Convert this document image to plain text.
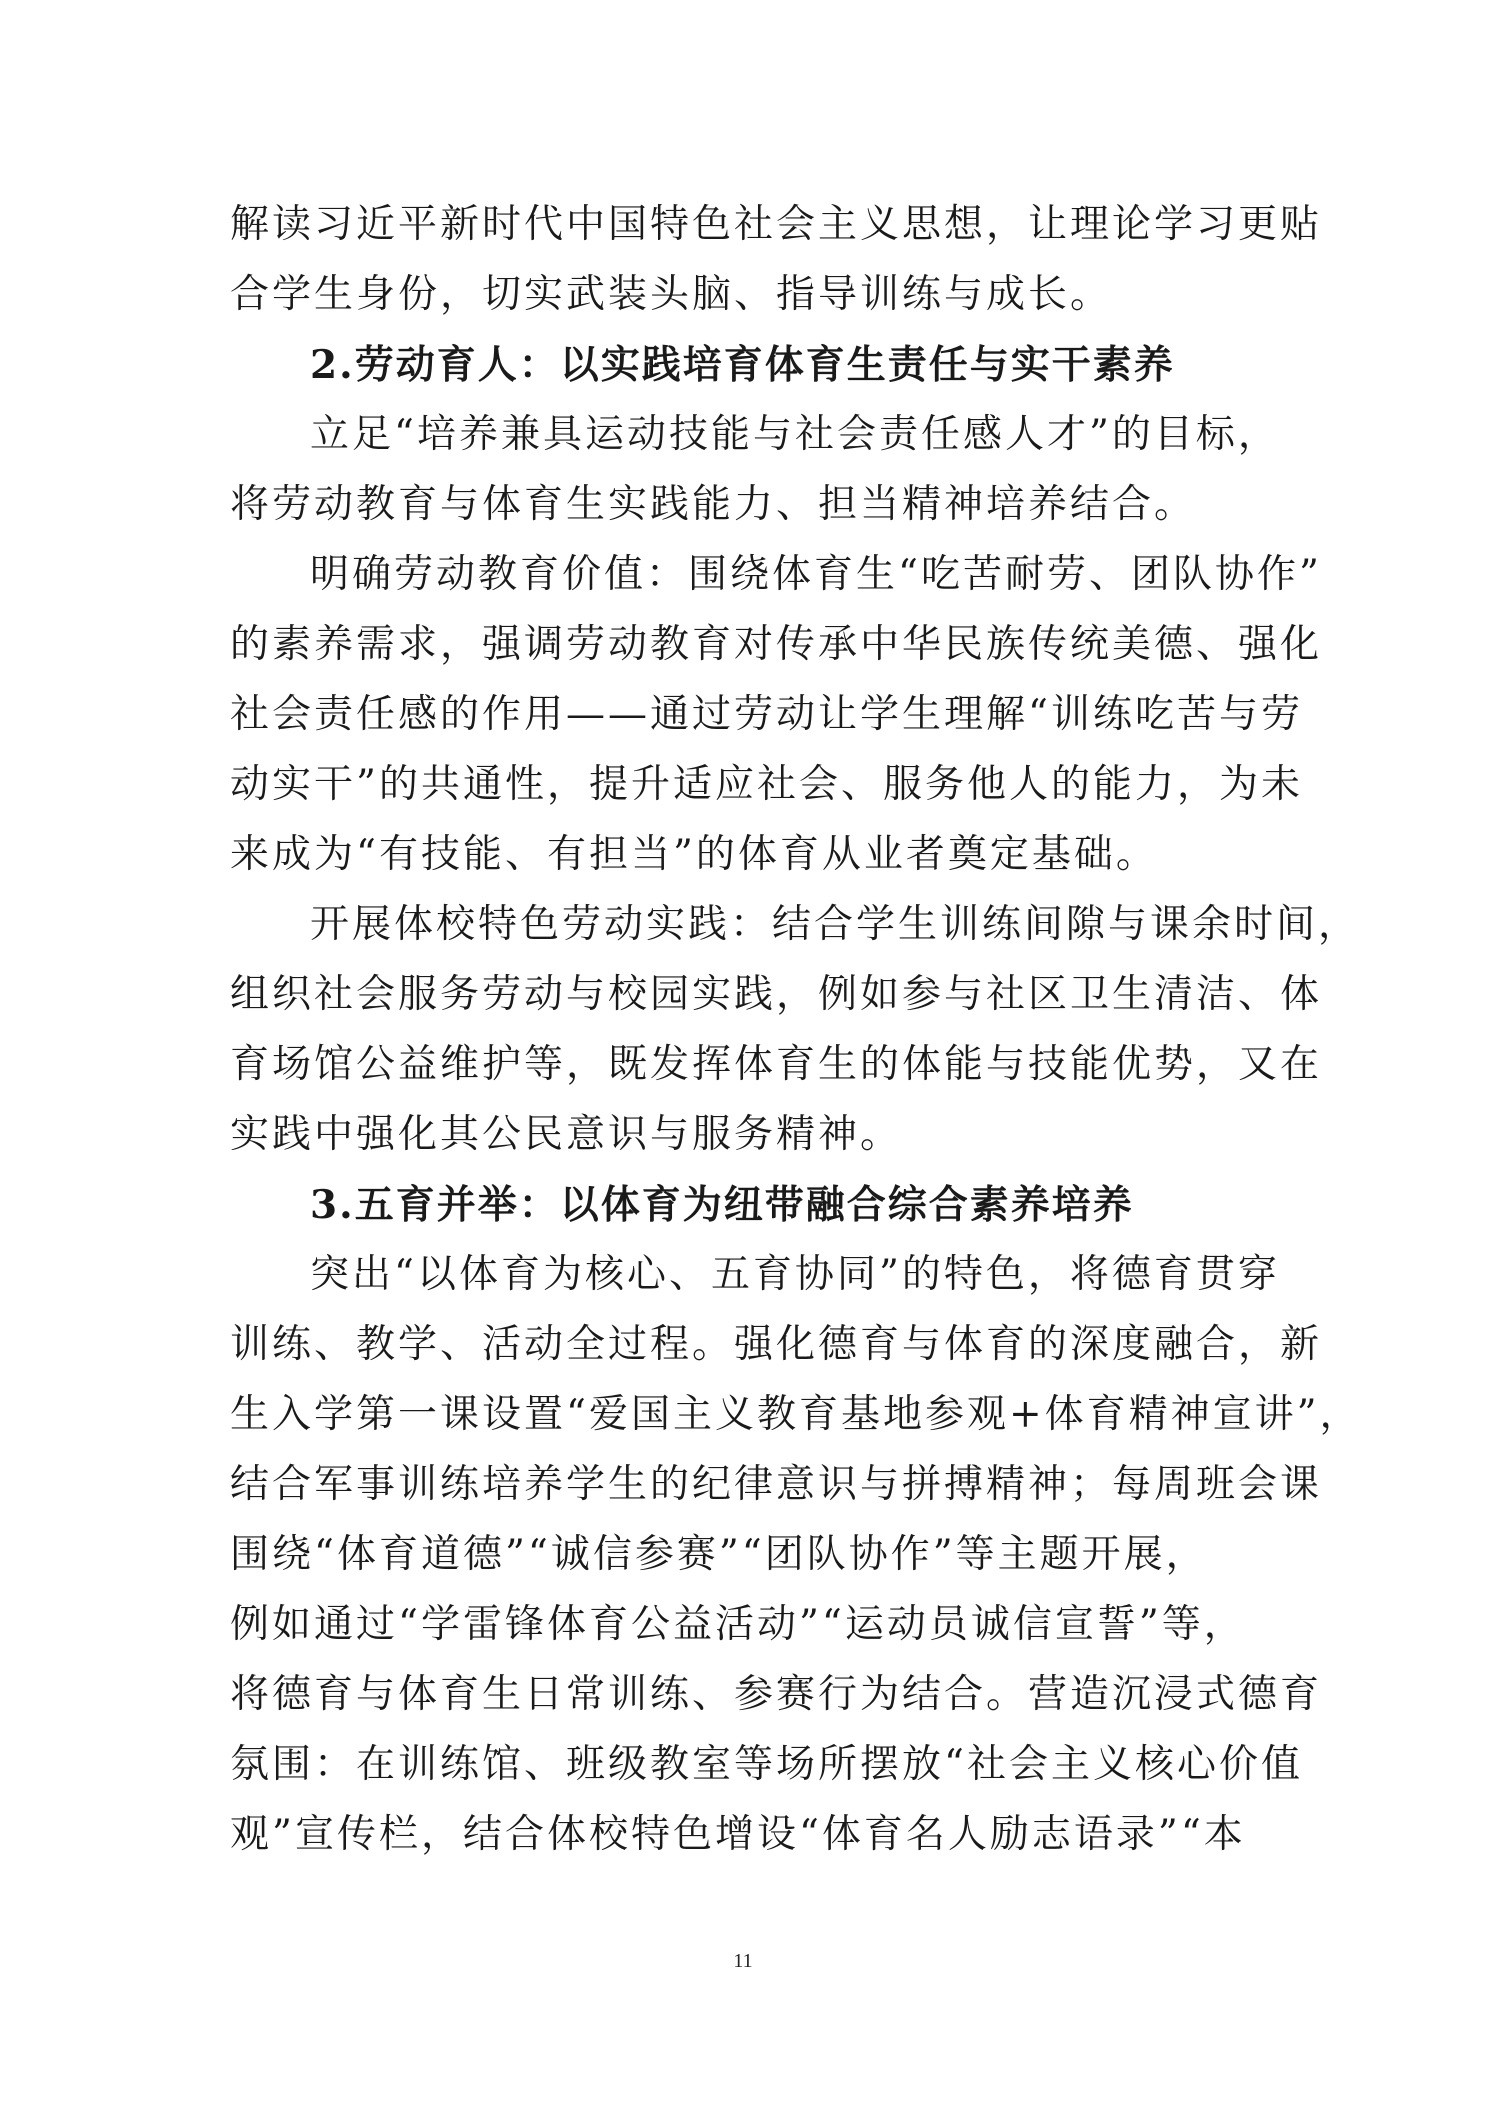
解读习近平新时代中国特色社会主义思想，让理论学习更贴
合学生身份，切实武装头脑、指导训练与成长。
2.劳动育人：以实践培育体育生责任与实干素养
立足“培养兼具运动技能与社会责任感人才”的目标，
将劳动教育与体育生实践能力、担当精神培养结合。
明确劳动教育价值：围绕体育生“吃苦耐劳、团队协作”
的素养需求，强调劳动教育对传承中华民族传统美德、强化
社会责任感的作用——通过劳动让学生理解“训练吃苦与劳
动实干”的共通性，提升适应社会、服务他人的能力，为未
来成为“有技能、有担当”的体育从业者奠定基础。
开展体校特色劳动实践：结合学生训练间隙与课余时间，
组织社会服务劳动与校园实践，例如参与社区卫生清洁、体
育场馆公益维护等，既发挥体育生的体能与技能优势，又在
实践中强化其公民意识与服务精神。
3.五育并举：以体育为纽带融合综合素养培养
突出“以体育为核心、五育协同”的特色，将德育贯穿
训练、教学、活动全过程。强化德育与体育的深度融合，新
生入学第一课设置“爱国主义教育基地参观+体育精神宣讲”，
结合军事训练培养学生的纪律意识与拼搏精神；每周班会课
围绕“体育道德”“诚信参赛”“团队协作”等主题开展，
例如通过“学雷锋体育公益活动”“运动员诚信宣誓”等，
将德育与体育生日常训练、参赛行为结合。营造沉浸式德育
氛围：在训练馆、班级教室等场所摆放“社会主义核心价值
观”宣传栏，结合体校特色增设“体育名人励志语录”“本
11
